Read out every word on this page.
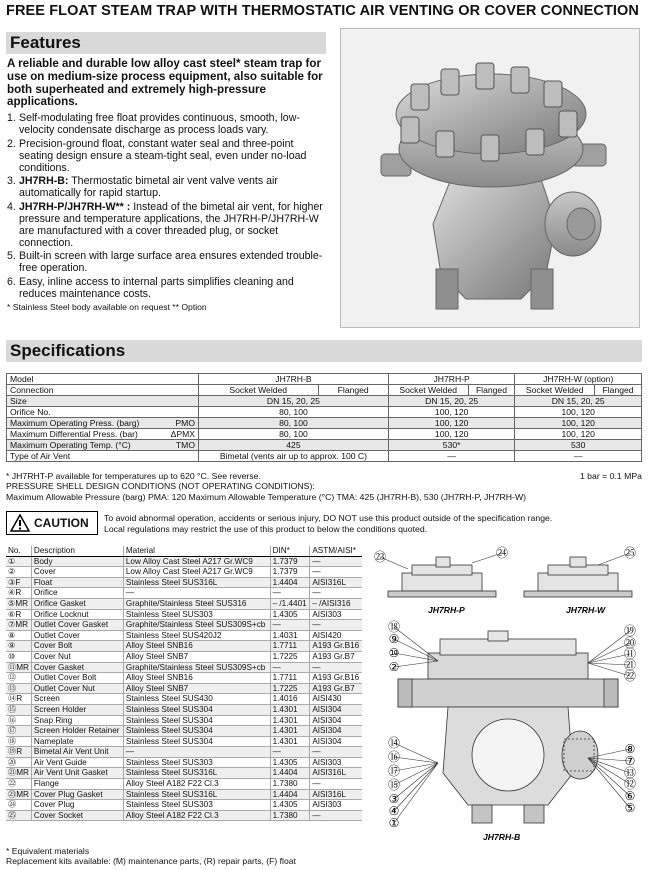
FREE FLOAT STEAM TRAP WITH THERMOSTATIC AIR VENTING OR COVER CONNECTION
Features
A reliable and durable low alloy cast steel* steam trap for use on medium-size process equipment, also suitable for both superheated and extremely high-pressure applications.
1. Self-modulating free float provides continuous, smooth, low-velocity condensate discharge as process loads vary.
2. Precision-ground float, constant water seal and three-point seating design ensure a steam-tight seal, even under no-load conditions.
3. JH7RH-B: Thermostatic bimetal air vent valve vents air automatically for rapid startup.
4. JH7RH-P/JH7RH-W** : Instead of the bimetal air vent, for higher pressure and temperature applications, the JH7RH-P/JH7RH-W are manufactured with a cover threaded plug, or socket connection.
5. Built-in screen with large surface area ensures extended trouble-free operation.
6. Easy, inline access to internal parts simplifies cleaning and reduces maintenance costs.
* Stainless Steel body available on request ** Option
Specifications
Model	JH7RH-B		JH7RH-P		JH7RH-W (option)	
Connection	Socket Welded	Flanged	Socket Welded	Flanged	Socket Welded	Flanged
Size	DN 15, 20, 25		DN 15, 20, 25		DN 15, 20, 25	
Orifice No.	80, 100		100, 120		100, 120	
Maximum Operating Press. (barg) PMO	80, 100		100, 120		100, 120	
Maximum Differential Press. (bar) ΔPMX	80, 100		100, 120		100, 120	
Maximum Operating Temp. (°C) TMO	425		530*		530	
Type of Air Vent	Bimetal (vents air up to approx. 100 C)		—		—	
* JH7RHT-P available for temperatures up to 620 °C. See reverse.	1 bar = 0.1 MPa
PRESSURE SHELL DESIGN CONDITIONS (NOT OPERATING CONDITIONS):
Maximum Allowable Pressure (barg) PMA: 120 Maximum Allowable Temperature (°C) TMA: 425 (JH7RH-B), 530 (JH7RH-P, JH7RH-W)
CAUTION To avoid abnormal operation, accidents or serious injury, DO NOT use this product outside of the specification range.
Local regulations may restrict the use of this product to below the conditions quoted.
No.	Description	Material	DIN*	ASTM/AISI*
①	Body	Low Alloy Cast Steel A217 Gr.WC9	1.7379	—
②	Cover	Low Alloy Cast Steel A217 Gr.WC9	1.7379	—
③F	Float	Stainless Steel SUS316L	1.4404	AISI316L
④R	Orifice	—	—	—
⑤MR	Orifice Gasket	Graphite/Stainless Steel SUS316	– /1.4401	– /AISI316
⑥R	Orifice Locknut	Stainless Steel SUS303	1.4305	AISI303
⑦MR	Outlet Cover Gasket	Graphite/Stainless Steel SUS309S+cb	—	—
⑧	Outlet Cover	Stainless Steel SUS420J2	1.4031	AISI420
⑨	Cover Bolt	Alloy Steel SNB16	1.7711	A193 Gr.B16
⑩	Cover Nut	Alloy Steel SNB7	1.7225	A193 Gr.B7
⑪MR	Cover Gasket	Graphite/Stainless Steel SUS309S+cb	—	—
⑫	Outlet Cover Bolt	Alloy Steel SNB16	1.7711	A193 Gr.B16
⑬	Outlet Cover Nut	Alloy Steel SNB7	1.7225	A193 Gr.B7
⑭R	Screen	Stainless Steel SUS430	1.4016	AISI430
⑮	Screen Holder	Stainless Steel SUS304	1.4301	AISI304
⑯	Snap Ring	Stainless Steel SUS304	1.4301	AISI304
⑰	Screen Holder Retainer	Stainless Steel SUS304	1.4301	AISI304
⑱	Nameplate	Stainless Steel SUS304	1.4301	AISI304
⑲R	Bimetal Air Vent Unit	—	—	—
⑳	Air Vent Guide	Stainless Steel SUS303	1.4305	AISI303
㉑MR	Air Vent Unit Gasket	Stainless Steel SUS316L	1.4404	AISI316L
㉒	Flange	Alloy Steel A182 F22 Cl.3	1.7380	—
㉓MR	Cover Plug Gasket	Stainless Steel SUS316L	1.4404	AISI316L
㉔	Cover Plug	Stainless Steel SUS303	1.4305	AISI303
㉕	Cover Socket	Alloy Steel A182 F22 Cl.3	1.7380	—
* Equivalent materials
Replacement kits available: (M) maintenance parts, (R) repair parts, (F) float
JH7RH-P	JH7RH-W
JH7RH-B
㉓	㉔	㉕
⑲
⑳
⑪
㉑
㉒
⑧
⑦
⑬
⑫
⑥
⑤
⑱
⑨
⑩
②
⑭
⑯
⑰
⑮
③
④
①
